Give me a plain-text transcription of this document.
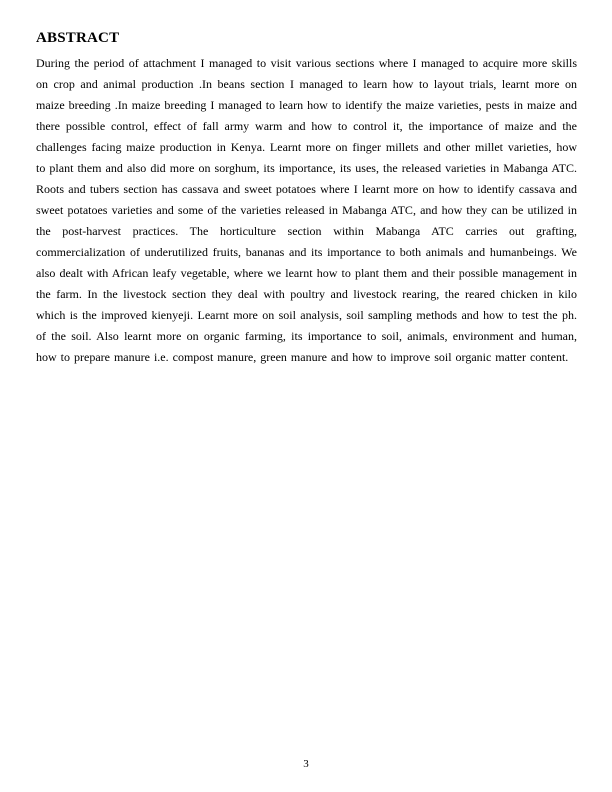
ABSTRACT

During the period of attachment I managed to visit various sections where I managed to acquire more skills on crop and animal production .In beans section I managed to learn how to layout trials, learnt more on maize breeding .In maize breeding I managed to learn how to identify the maize varieties, pests in maize and there possible control, effect of fall army warm and how to control it, the importance of maize and the challenges facing maize production in Kenya. Learnt more on finger millets and other millet varieties, how to plant them and also did more on sorghum, its importance, its uses, the released varieties in Mabanga ATC. Roots and tubers section has cassava and sweet potatoes where I learnt more on how to identify cassava and sweet potatoes varieties and some of the varieties released in Mabanga ATC, and how they can be utilized in the post-harvest practices. The horticulture section within Mabanga ATC carries out grafting, commercialization of underutilized fruits, bananas and its importance to both animals and humanbeings. We also dealt with African leafy vegetable, where we learnt how to plant them and their possible management in the farm. In the livestock section they deal with poultry and livestock rearing, the reared chicken in kilo which is the improved kienyeji. Learnt more on soil analysis, soil sampling methods and how to test the ph. of the soil. Also learnt more on organic farming, its importance to soil, animals, environment and human, how to prepare manure i.e. compost manure, green manure and how to improve soil organic matter content.

3
